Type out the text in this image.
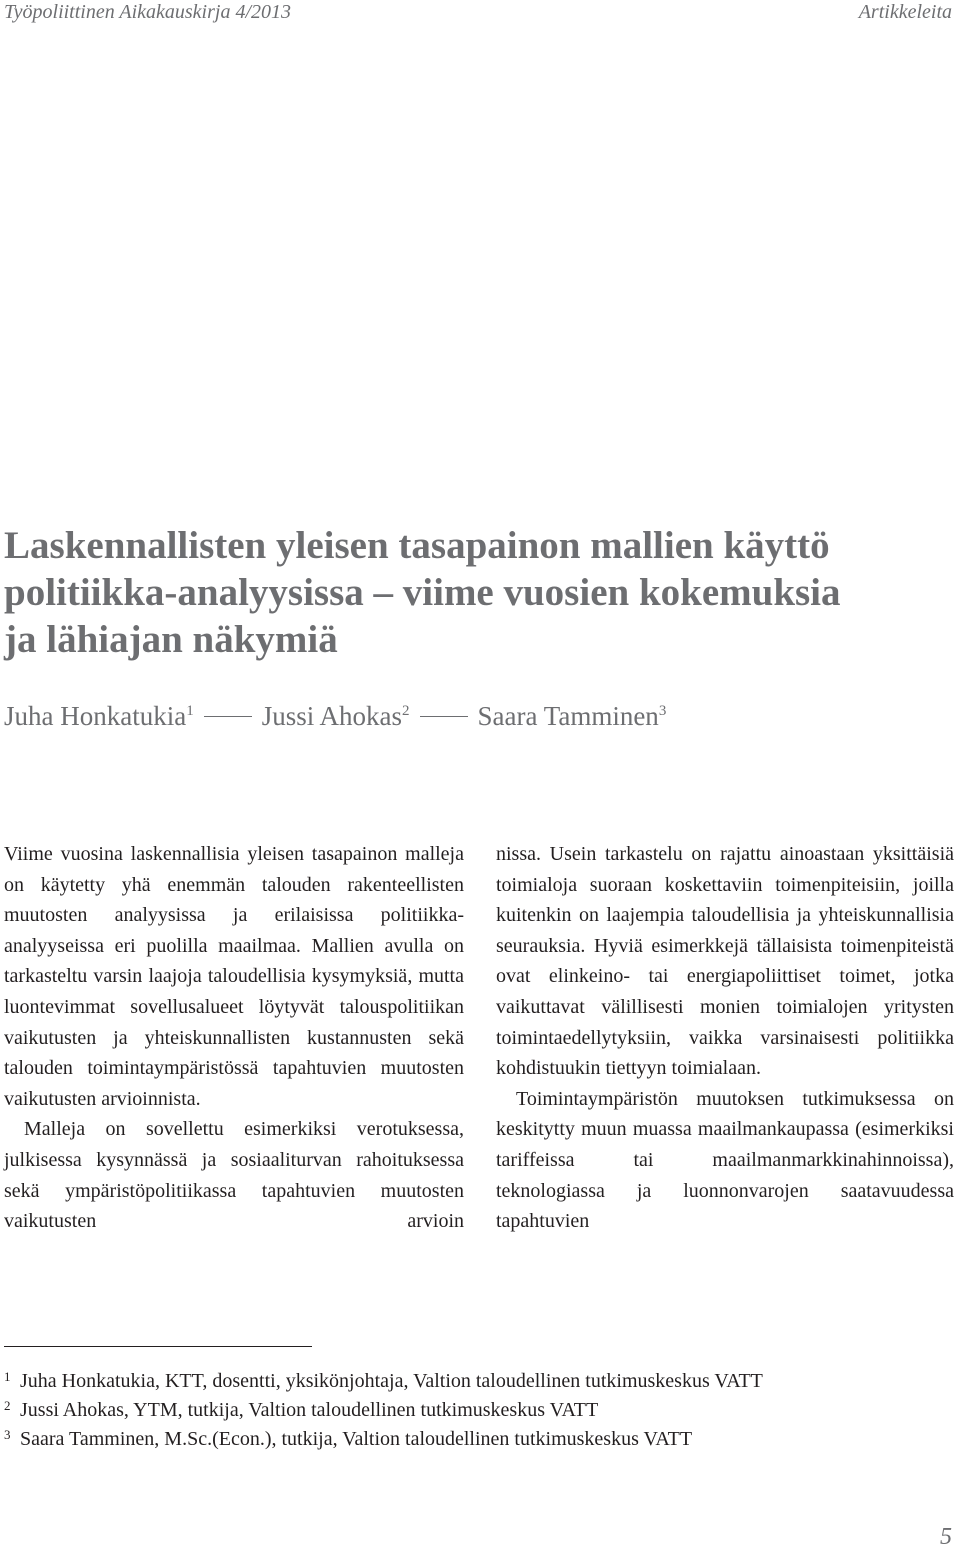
Työpoliittinen Aikakauskirja 4/2013	Artikkeleita
Laskennallisten yleisen tasapainon mallien käyttö
politiikka-analyysissa – viime vuosien kokemuksia
ja lähiajan näkymiä
Juha Honkatukia$^1$	Jussi Ahokas$^2$	Saara Tamminen$^3$

Viime vuosina laskennallisia yleisen tasapainon malleja on käytetty yhä enemmän talouden rakenteellisten muutosten analyysissa ja erilaisissa politiikka-analyyseissa eri puolilla maailmaa. Mallien avulla on tarkasteltu varsin laajoja taloudellisia kysymyksiä, mutta luontevimmat sovellusalueet löytyvät talouspolitiikan vaikutusten ja yhteiskunnallisten kustannusten sekä talouden toimintaympäristössä tapahtuvien muutosten vaikutusten arvioinnista.

Malleja on sovellettu esimerkiksi verotuksessa, julkisessa kysynnässä ja sosiaaliturvan rahoituksessa sekä ympäristöpolitiikassa tapahtuvien muutosten vaikutusten arvioin

nissa. Usein tarkastelu on rajattu ainoastaan yksittäisiä toimialoja suoraan koskettaviin toimenpiteisiin, joilla kuitenkin on laajempia taloudellisia ja yhteiskunnallisia seurauksia. Hyviä esimerkkejä tällaisista toimenpiteistä ovat elinkeino- tai energiapoliittiset toimet, jotka vaikuttavat välillisesti monien toimialojen yritysten toimintaedellytyksiin, vaikka varsinaisesti politiikka kohdistuukin tiettyyn toimialaan.

Toimintaympäristön muutoksen tutkimuksessa on keskitytty muun muassa maailmankaupassa (esimerkiksi tariffeissa tai maailmanmarkkinahinnoissa), teknologiassa ja luonnonvarojen saatavuudessa tapahtuvien

1 Juha Honkatukia, KTT, dosentti, yksikönjohtaja, Valtion taloudellinen tutkimuskeskus VATT
2 Jussi Ahokas, YTM, tutkija, Valtion taloudellinen tutkimuskeskus VATT
3 Saara Tamminen, M.Sc.(Econ.), tutkija, Valtion taloudellinen tutkimuskeskus VATT
5
